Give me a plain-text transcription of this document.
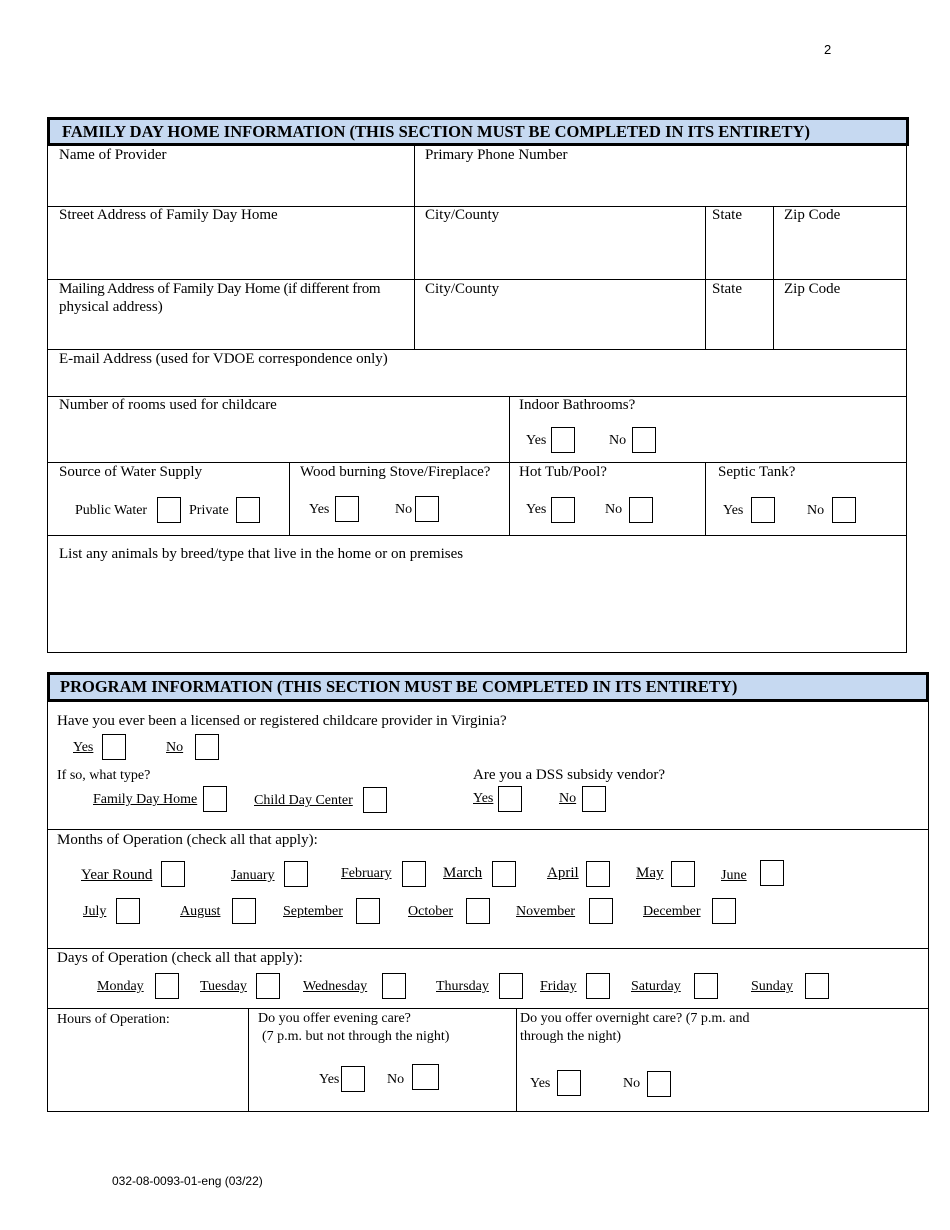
2
FAMILY DAY HOME INFORMATION (THIS SECTION MUST BE COMPLETED IN ITS ENTIRETY)
Name of Provider	Primary Phone Number
Street Address of Family Day Home	City/County	State	Zip Code
Mailing Address of Family Day Home (if different from
physical address)
City/County	State	Zip Code
E-mail Address (used for VDOE correspondence only)
Number of rooms used for childcare	Indoor Bathrooms?
Yes	No
Source of Water Supply
Public Water	Private
Wood burning Stove/Fireplace?
Yes	No
Hot Tub/Pool?
Yes	No
Septic Tank?
Yes	No
List any animals by breed/type that live in the home or on premises
PROGRAM INFORMATION (THIS SECTION MUST BE COMPLETED IN ITS ENTIRETY)
Have you ever been a licensed or registered childcare provider in Virginia?
Yes	No
If so, what type?
Family Day Home	Child Day Center
Are you a DSS subsidy vendor?
Yes	No
Months of Operation (check all that apply):
Year Round	January	February	March	April	May	June
July	August	September	October	November	December
Days of Operation (check all that apply):
Monday	Tuesday	Wednesday	Thursday	Friday	Saturday	Sunday
Hours of Operation:	Do you offer evening care?
(7 p.m. but not through the night)
Yes	No
Do you offer overnight care? (7 p.m. and
through the night)
Yes	No
032-08-0093-01-eng (03/22)
